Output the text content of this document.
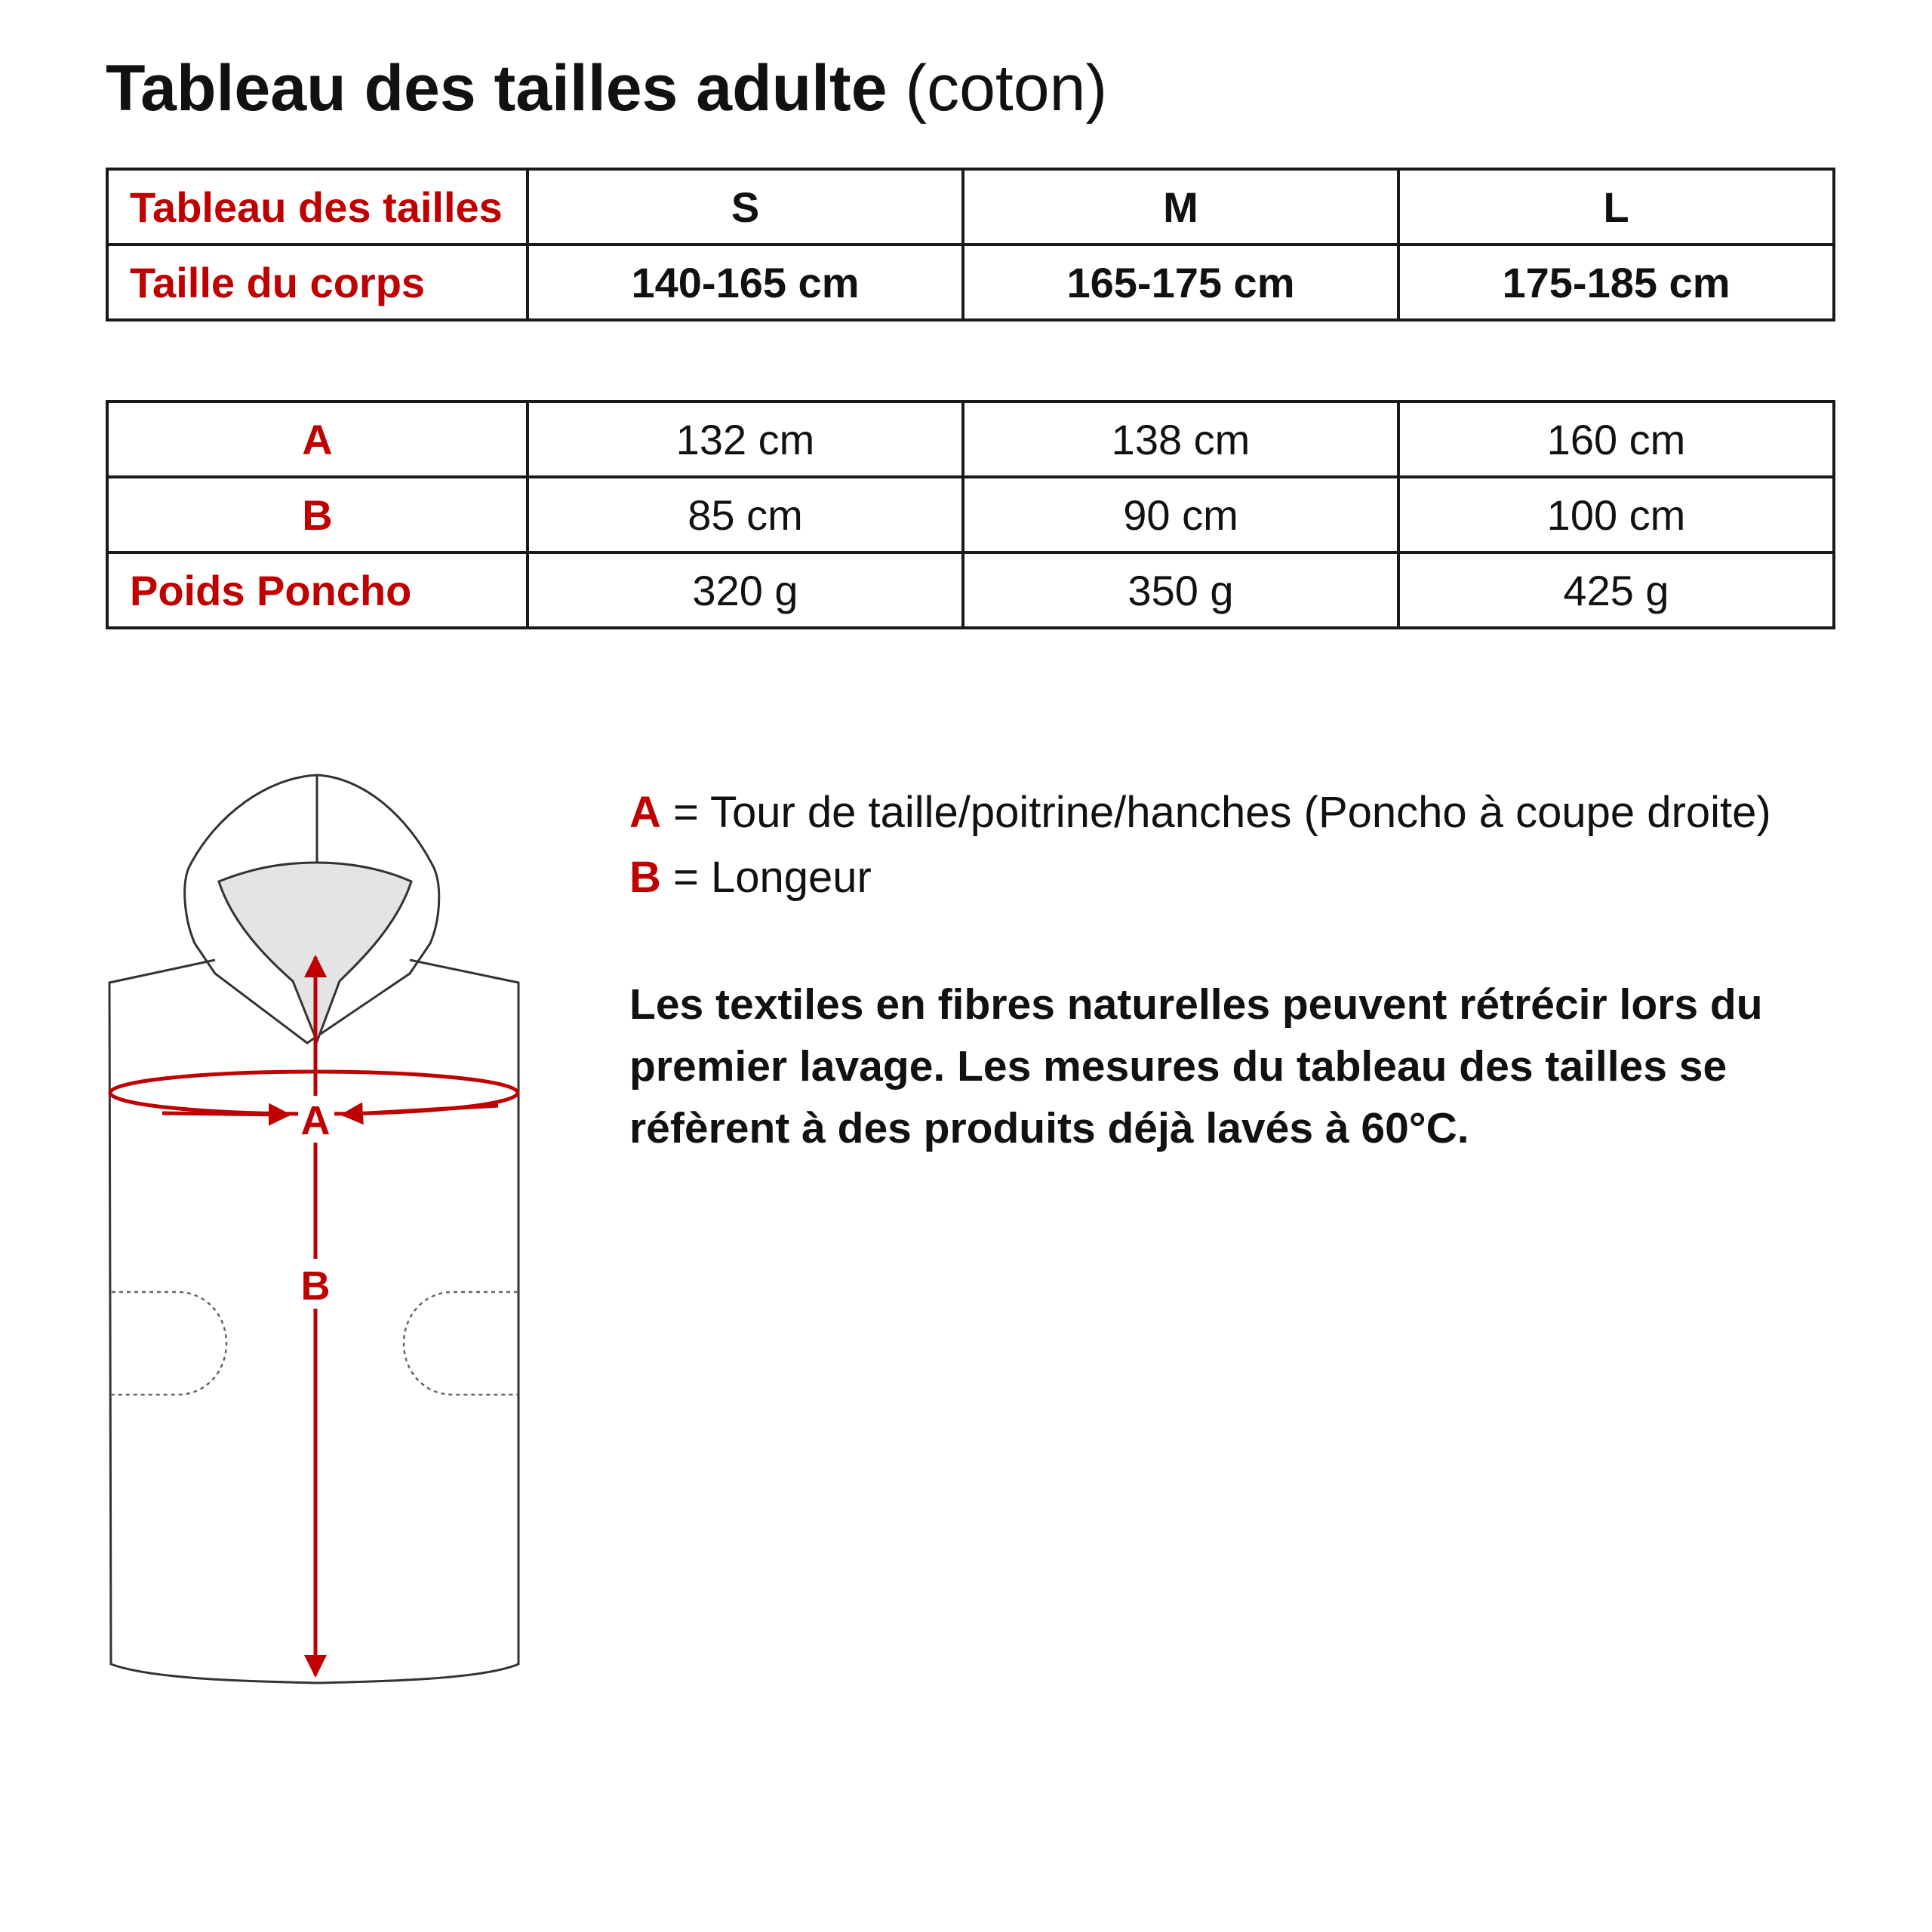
Tableau des tailles adulte (coton)
Tableau des tailles	S	M	L
Taille du corps	140-165 cm	165-175 cm	175-185 cm
A	132 cm	138 cm	160 cm
B	85 cm	90 cm	100 cm
Poids Poncho	320 g	350 g	425 g
A
B
A = Tour de taille/poitrine/hanches (Poncho à coupe droite)
B = Longeur

Les textiles en fibres naturelles peuvent rétrécir lors du premier lavage. Les mesures du tableau des tailles se réfèrent à des produits déjà lavés à 60°C.
